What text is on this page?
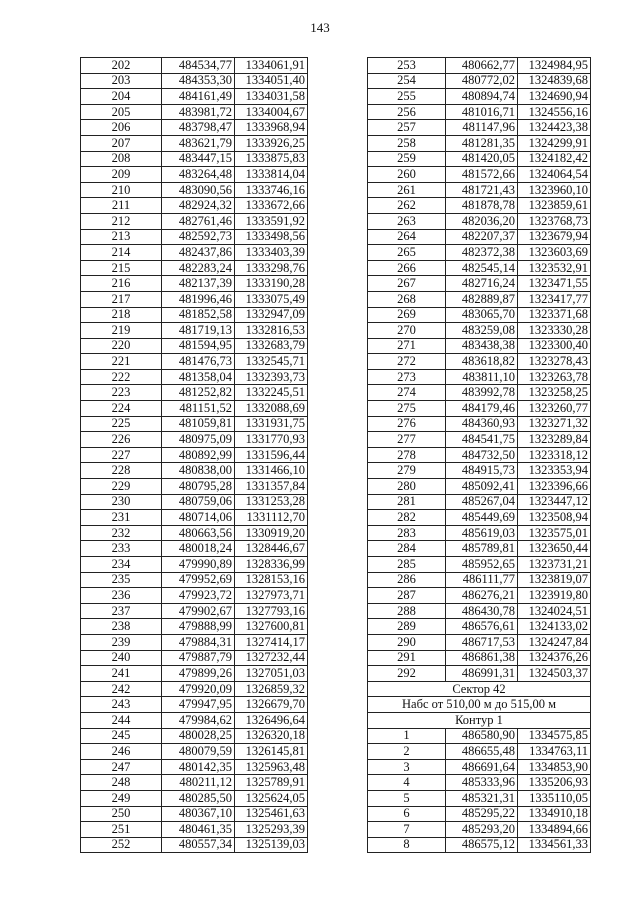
143
202	484534,77	1334061,91
203	484353,30	1334051,40
204	484161,49	1334031,58
205	483981,72	1334004,67
206	483798,47	1333968,94
207	483621,79	1333926,25
208	483447,15	1333875,83
209	483264,48	1333814,04
210	483090,56	1333746,16
211	482924,32	1333672,66
212	482761,46	1333591,92
213	482592,73	1333498,56
214	482437,86	1333403,39
215	482283,24	1333298,76
216	482137,39	1333190,28
217	481996,46	1333075,49
218	481852,58	1332947,09
219	481719,13	1332816,53
220	481594,95	1332683,79
221	481476,73	1332545,71
222	481358,04	1332393,73
223	481252,82	1332245,51
224	481151,52	1332088,69
225	481059,81	1331931,75
226	480975,09	1331770,93
227	480892,99	1331596,44
228	480838,00	1331466,10
229	480795,28	1331357,84
230	480759,06	1331253,28
231	480714,06	1331112,70
232	480663,56	1330919,20
233	480018,24	1328446,67
234	479990,89	1328336,99
235	479952,69	1328153,16
236	479923,72	1327973,71
237	479902,67	1327793,16
238	479888,99	1327600,81
239	479884,31	1327414,17
240	479887,79	1327232,44
241	479899,26	1327051,03
242	479920,09	1326859,32
243	479947,95	1326679,70
244	479984,62	1326496,64
245	480028,25	1326320,18
246	480079,59	1326145,81
247	480142,35	1325963,48
248	480211,12	1325789,91
249	480285,50	1325624,05
250	480367,10	1325461,63
251	480461,35	1325293,39
252	480557,34	1325139,03
253	480662,77	1324984,95
254	480772,02	1324839,68
255	480894,74	1324690,94
256	481016,71	1324556,16
257	481147,96	1324423,38
258	481281,35	1324299,91
259	481420,05	1324182,42
260	481572,66	1324064,54
261	481721,43	1323960,10
262	481878,78	1323859,61
263	482036,20	1323768,73
264	482207,37	1323679,94
265	482372,38	1323603,69
266	482545,14	1323532,91
267	482716,24	1323471,55
268	482889,87	1323417,77
269	483065,70	1323371,68
270	483259,08	1323330,28
271	483438,38	1323300,40
272	483618,82	1323278,43
273	483811,10	1323263,78
274	483992,78	1323258,25
275	484179,46	1323260,77
276	484360,93	1323271,32
277	484541,75	1323289,84
278	484732,50	1323318,12
279	484915,73	1323353,94
280	485092,41	1323396,66
281	485267,04	1323447,12
282	485449,69	1323508,94
283	485619,03	1323575,01
284	485789,81	1323650,44
285	485952,65	1323731,21
286	486111,77	1323819,07
287	486276,21	1323919,80
288	486430,78	1324024,51
289	486576,61	1324133,02
290	486717,53	1324247,84
291	486861,38	1324376,26
292	486991,31	1324503,37
Сектор 42		
Набс от 510,00 м до 515,00 м		
Контур 1		
1	486580,90	1334575,85
2	486655,48	1334763,11
3	486691,64	1334853,90
4	485333,96	1335206,93
5	485321,31	1335110,05
6	485295,22	1334910,18
7	485293,20	1334894,66
8	486575,12	1334561,33
